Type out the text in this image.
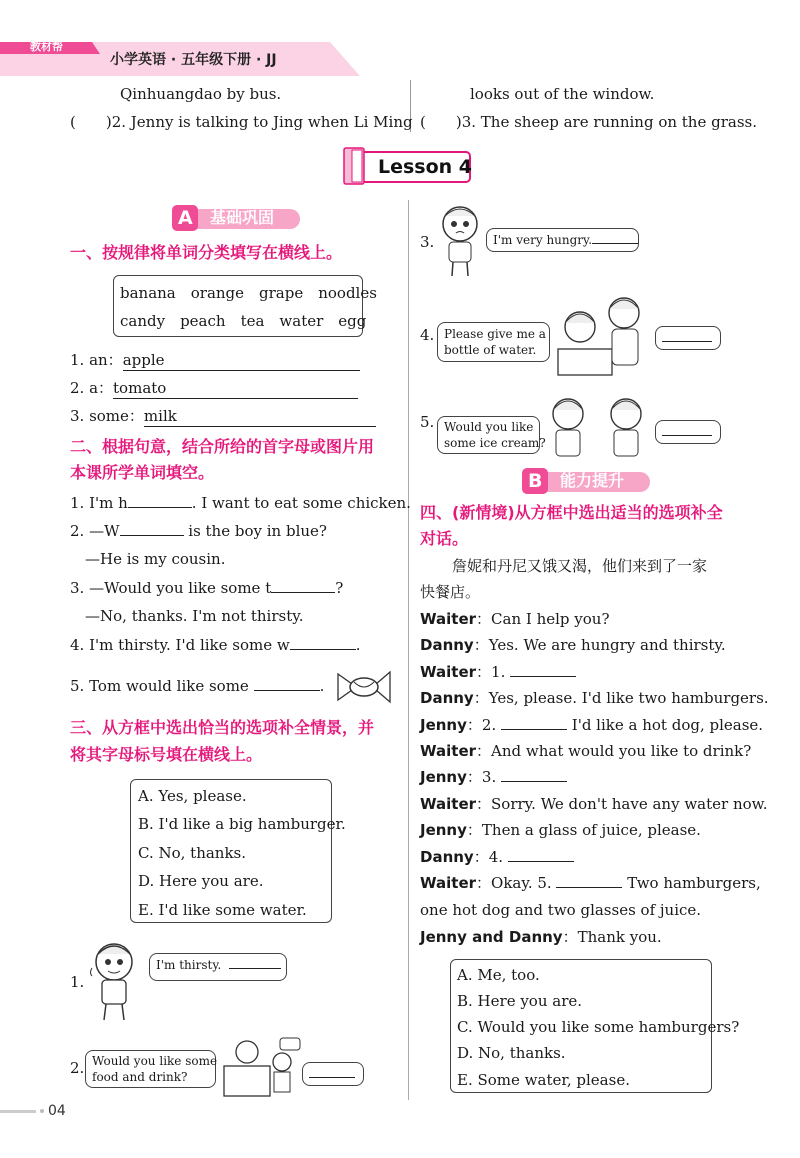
教材帮
小学英语 · 五年级下册 · JJ
Qinhuangdao by bus.
(　　)2. Jenny is talking to Jing when Li Ming
looks out of the window.
(　　)3. The sheep are running on the grass.
Lesson 4
A 基础巩固
一、按规律将单词分类填写在横线上。
banana　orange　grape　noodles
candy　peach　tea　water　egg
1. an：apple
2. a：tomato
3. some：milk
二、根据句意，结合所给的首字母或图片用
本课所学单词填空。
1. I'm h	. I want to eat some chicken.
2. —W	is the boy in blue?
　—He is my cousin.
3. —Would you like some t	?
　—No, thanks. I'm not thirsty.
4. I'm thirsty. I'd like some w	.
5. Tom would like some	.
三、从方框中选出恰当的选项补全情景，并
将其字母标号填在横线上。
A. Yes, please.
B. I'd like a big hamburger.
C. No, thanks.
D. Here you are.
E. I'd like some water.
1.
I'm thirsty.
2. Would you like some
food and drink?
3.	I'm very hungry.
4. Please give me a
bottle of water.
5. Would you like
some ice cream?
B 能力提升
四、(新情境)从方框中选出适当的选项补全
对话。
詹妮和丹尼又饿又渴，他们来到了一家
快餐店。
Waiter：Can I help you?
Danny：Yes. We are hungry and thirsty.
Waiter：1.
Danny：Yes, please. I'd like two hamburgers.
Jenny：2.	I'd like a hot dog, please.
Waiter：And what would you like to drink?
Jenny：3.
Waiter：Sorry. We don't have any water now.
Jenny：Then a glass of juice, please.
Danny：4.
Waiter：Okay. 5.	Two hamburgers,
one hot dog and two glasses of juice.
Jenny and Danny：Thank you.
A. Me, too.
B. Here you are.
C. Would you like some hamburgers?
D. No, thanks.
E. Some water, please.
04
